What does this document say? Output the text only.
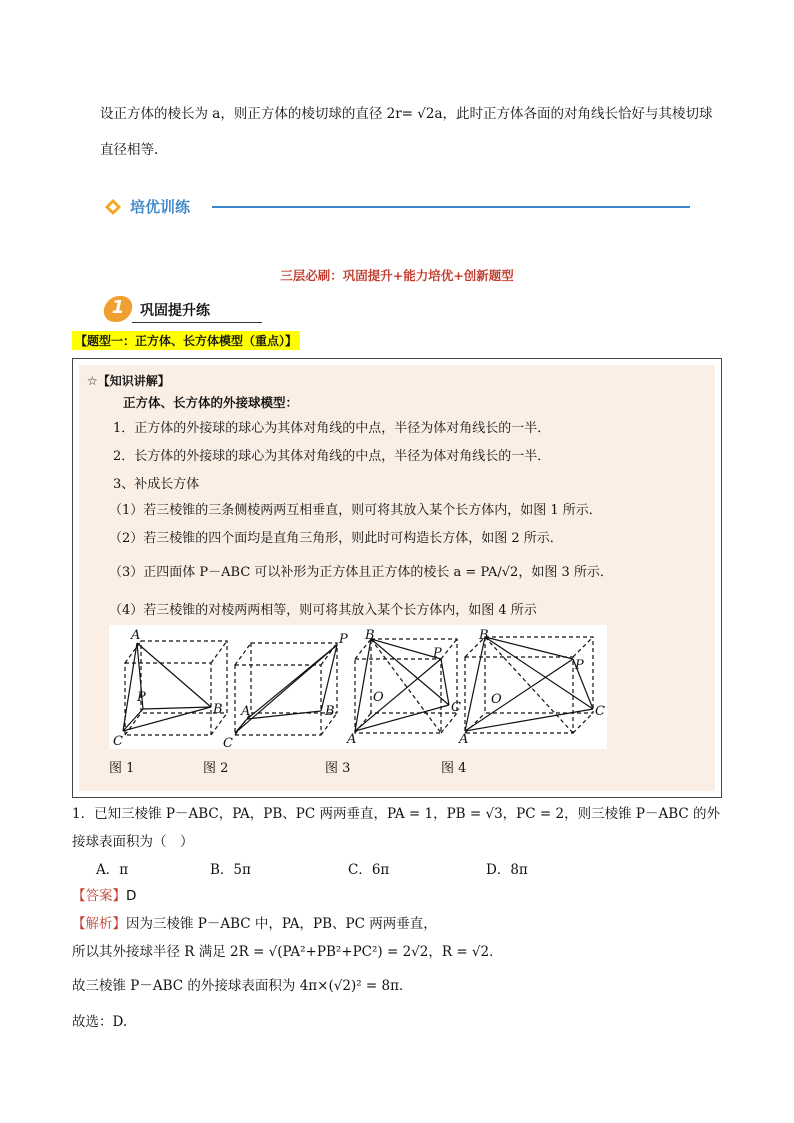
设正方体的棱长为 a，则正方体的棱切球的直径 2r= √2a，此时正方体各面的对角线长恰好与其棱切球
直径相等.
培优训练
三层必刷：巩固提升+能力培优+创新题型
1	巩固提升练
【题型一：正方体、长方体模型（重点）】
☆【知识讲解】
正方体、长方体的外接球模型：
1．正方体的外接球的球心为其体对角线的中点，半径为体对角线长的一半．
2．长方体的外接球的球心为其体对角线的中点，半径为体对角线长的一半．
3、补成长方体
（1）若三棱锥的三条侧棱两两互相垂直，则可将其放入某个长方体内，如图 1 所示．
（2）若三棱锥的四个面均是直角三角形，则此时可构造长方体，如图 2 所示．
（3）正四面体 P－ABC 可以补形为正方体且正方体的棱长 a = PA/√2，如图 3 所示．
（4）若三棱锥的对棱两两相等，则可将其放入某个长方体内，如图 4 所示
A
P
B
C
P
A	B
C
B
O
P
C
A
B
O
P
C
A
图 1	图 2	图 3	图 4
1．已知三棱锥 P－ABC，PA，PB、PC 两两垂直，PA = 1，PB = √3，PC = 2，则三棱锥 P－ABC 的外
接球表面积为（　）
A．π	B．5π	C．6π	D．8π
【答案】D
【解析】因为三棱锥 P－ABC 中，PA，PB、PC 两两垂直，
所以其外接球半径 R 满足 2R = √(PA²+PB²+PC²) = 2√2，R = √2．
故三棱锥 P－ABC 的外接球表面积为 4π×(√2)² = 8π．
故选：D.
